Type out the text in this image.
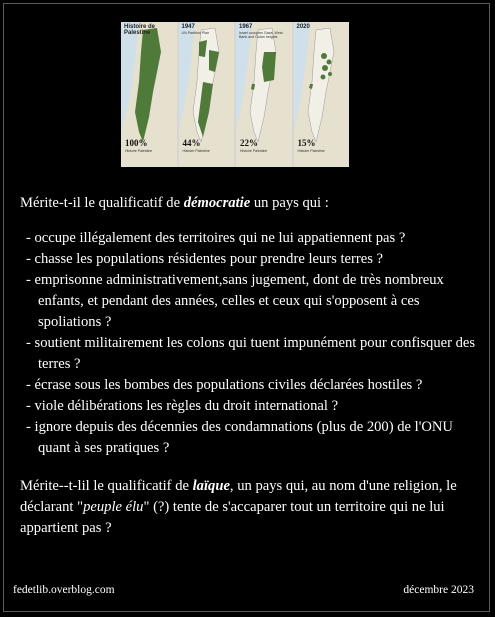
Histoire de Palestine
100%
Histoire Palestine
1947
UN Partition Plan
44%
Histoire Palestine
1967
Israel occupies Gaza, West Bank and Golan heights
22%
Histoire Palestine
2020
15%
Histoire Palestine

Mérite-t-il le qualificatif de démocratie un pays qui :

- occupe illégalement des territoires qui ne lui appatiennent pas ?
- chasse les populations résidentes pour prendre leurs terres ?
- emprisonne administrativement,sans jugement, dont de très nombreux enfants, et pendant des années, celles et ceux qui s'opposent à ces spoliations ?
- soutient militairement les colons qui tuent impunément pour confisquer des terres ?
- écrase sous les bombes des populations civiles déclarées hostiles ?
- viole délibérations les règles du droit international ?
- ignore depuis des décennies des condamnations (plus de 200) de l'ONU quant à ses pratiques ?

Mérite--t-lil le qualificatif de laïque, un pays qui, au nom d'une religion, le déclarant "peuple élu" (?) tente de s'accaparer tout un territoire qui ne lui appartient pas ?

fedetlib.overblog.com	décembre 2023
